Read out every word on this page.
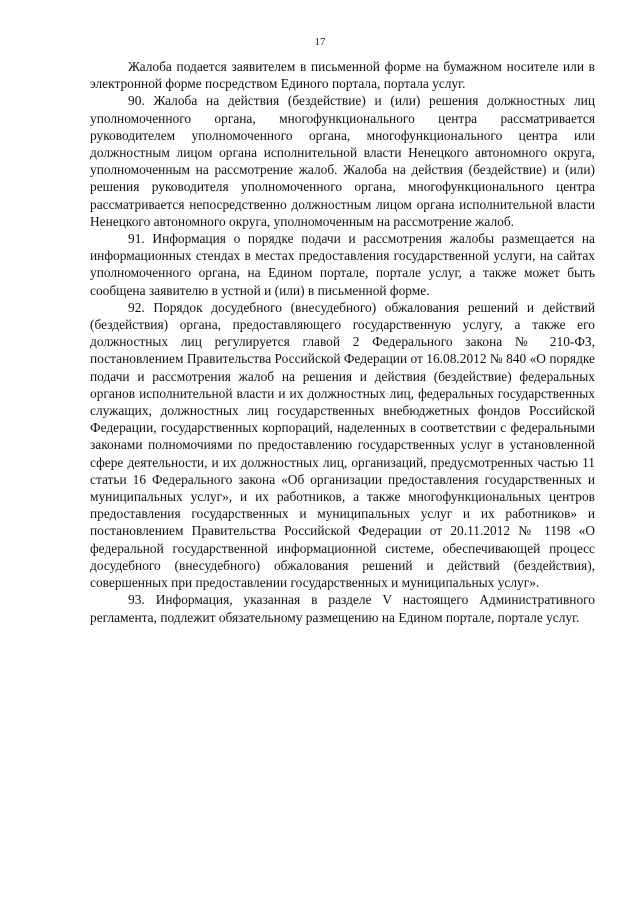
17

Жалоба подается заявителем в письменной форме на бумажном носителе или в электронной форме посредством Единого портала, портала услуг.

90. Жалоба на действия (бездействие) и (или) решения должностных лиц уполномоченного органа, многофункционального центра рассматривается руководителем уполномоченного органа, многофункционального центра или должностным лицом органа исполнительной власти Ненецкого автономного округа, уполномоченным на рассмотрение жалоб. Жалоба на действия (бездействие) и (или) решения руководителя уполномоченного органа, многофункционального центра рассматривается непосредственно должностным лицом органа исполнительной власти Ненецкого автономного округа, уполномоченным на рассмотрение жалоб.

91. Информация о порядке подачи и рассмотрения жалобы размещается на информационных стендах в местах предоставления государственной услуги, на сайтах уполномоченного органа, на Едином портале, портале услуг, а также может быть сообщена заявителю в устной и (или) в письменной форме.

92. Порядок досудебного (внесудебного) обжалования решений и действий (бездействия) органа, предоставляющего государственную услугу, а также его должностных лиц регулируется главой 2 Федерального закона № 210-ФЗ, постановлением Правительства Российской Федерации от 16.08.2012 № 840 «О порядке подачи и рассмотрения жалоб на решения и действия (бездействие) федеральных органов исполнительной власти и их должностных лиц, федеральных государственных служащих, должностных лиц государственных внебюджетных фондов Российской Федерации, государственных корпораций, наделенных в соответствии с федеральными законами полномочиями по предоставлению государственных услуг в установленной сфере деятельности, и их должностных лиц, организаций, предусмотренных частью 11 статьи 16 Федерального закона «Об организации предоставления государственных и муниципальных услуг», и их работников, а также многофункциональных центров предоставления государственных и муниципальных услуг и их работников» и постановлением Правительства Российской Федерации от 20.11.2012 № 1198 «О федеральной государственной информационной системе, обеспечивающей процесс досудебного (внесудебного) обжалования решений и действий (бездействия), совершенных при предоставлении государственных и муниципальных услуг».

93. Информация, указанная в разделе V настоящего Административного регламента, подлежит обязательному размещению на Едином портале, портале услуг.
